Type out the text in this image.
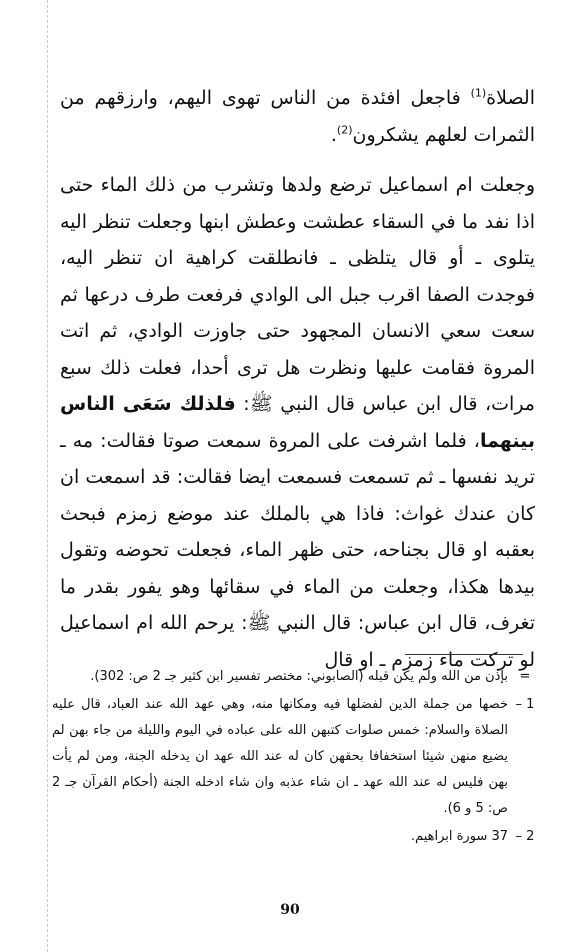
الصلاة$^{(1)}$ فاجعل افئدة من الناس تهوى اليهم، وارزقهم من الثمرات لعلهم يشكرون$^{(2)}$.

وجعلت ام اسماعيل ترضع ولدها وتشرب من ذلك الماء حتى اذا نفد ما في السقاء عطشت وعطش ابنها وجعلت تنظر اليه يتلوى ـ أو قال يتلظى ـ فانطلقت كراهية ان تنظر اليه، فوجدت الصفا اقرب جبل الى الوادي فرفعت طرف درعها ثم سعت سعي الانسان المجهود حتى جاوزت الوادي، ثم اتت المروة فقامت عليها ونظرت هل ترى أحدا، فعلت ذلك سبع مرات، قال ابن عباس قال النبي ﷺ: فلذلك سَعَى الناس بينهما، فلما اشرفت على المروة سمعت صوتا فقالت: مه ـ تريد نفسها ـ ثم تسمعت فسمعت ايضا فقالت: قد اسمعت ان كان عندك غواث: فاذا هي بالملك عند موضع زمزم فبحث بعقبه او قال بجناحه، حتى ظهر الماء، فجعلت تحوضه وتقول بيدها هكذا، وجعلت من الماء في سقائها وهو يفور بقدر ما تغرف، قال ابن عباس: قال النبي ﷺ: يرحم الله ام اسماعيل لو تركت ماء زمزم ـ او قال

=
بإذن من الله ولم يكن قبله (الصابوني: مختصر تفسير ابن كثير جـ 2 ص: 302).
1 –
خصها من جملة الدين لفضلها فيه ومكانها منه، وهي عهد الله عند العباد، قال عليه الصلاة والسلام: خمس صلوات كتبهن الله على عباده في اليوم والليلة من جاء بهن لم يضيع منهن شيئا استخفافا بحقهن كان له عند الله عهد ان يدخله الجنة، ومن لم يأت بهن فليس له عند الله عهد ـ ان شاء عذبه وان شاء ادخله الجنة (أحكام القرآن جـ 2 ص: 5 و 6).
2 –
37 سورة ابراهيم.
90
